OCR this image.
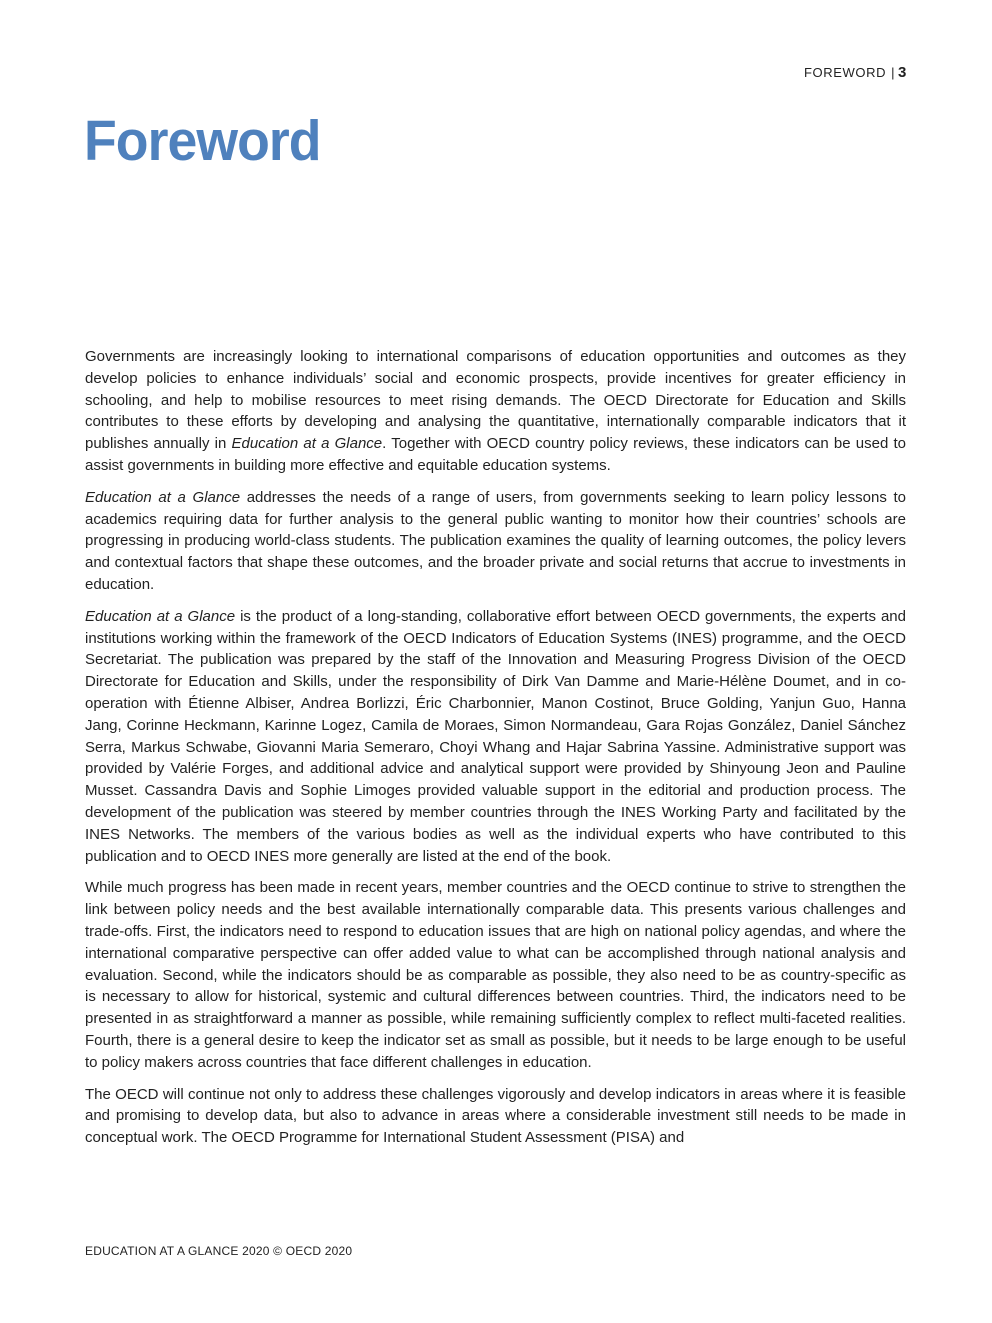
FOREWORD | 3
Foreword

Governments are increasingly looking to international comparisons of education opportunities and outcomes as they develop policies to enhance individuals’ social and economic prospects, provide incentives for greater efficiency in schooling, and help to mobilise resources to meet rising demands. The OECD Directorate for Education and Skills contributes to these efforts by developing and analysing the quantitative, internationally comparable indicators that it publishes annually in Education at a Glance. Together with OECD country policy reviews, these indicators can be used to assist governments in building more effective and equitable education systems.

Education at a Glance addresses the needs of a range of users, from governments seeking to learn policy lessons to academics requiring data for further analysis to the general public wanting to monitor how their countries’ schools are progressing in producing world-class students. The publication examines the quality of learning outcomes, the policy levers and contextual factors that shape these outcomes, and the broader private and social returns that accrue to investments in education.

Education at a Glance is the product of a long-standing, collaborative effort between OECD governments, the experts and institutions working within the framework of the OECD Indicators of Education Systems (INES) programme, and the OECD Secretariat. The publication was prepared by the staff of the Innovation and Measuring Progress Division of the OECD Directorate for Education and Skills, under the responsibility of Dirk Van Damme and Marie-Hélène Doumet, and in co-operation with Étienne Albiser, Andrea Borlizzi, Éric Charbonnier, Manon Costinot, Bruce Golding, Yanjun Guo, Hanna Jang, Corinne Heckmann, Karinne Logez, Camila de Moraes, Simon Normandeau, Gara Rojas González, Daniel Sánchez Serra, Markus Schwabe, Giovanni Maria Semeraro, Choyi Whang and Hajar Sabrina Yassine. Administrative support was provided by Valérie Forges, and additional advice and analytical support were provided by Shinyoung Jeon and Pauline Musset. Cassandra Davis and Sophie Limoges provided valuable support in the editorial and production process. The development of the publication was steered by member countries through the INES Working Party and facilitated by the INES Networks. The members of the various bodies as well as the individual experts who have contributed to this publication and to OECD INES more generally are listed at the end of the book.

While much progress has been made in recent years, member countries and the OECD continue to strive to strengthen the link between policy needs and the best available internationally comparable data. This presents various challenges and trade-offs. First, the indicators need to respond to education issues that are high on national policy agendas, and where the international comparative perspective can offer added value to what can be accomplished through national analysis and evaluation. Second, while the indicators should be as comparable as possible, they also need to be as country-specific as is necessary to allow for historical, systemic and cultural differences between countries. Third, the indicators need to be presented in as straightforward a manner as possible, while remaining sufficiently complex to reflect multi-faceted realities. Fourth, there is a general desire to keep the indicator set as small as possible, but it needs to be large enough to be useful to policy makers across countries that face different challenges in education.

The OECD will continue not only to address these challenges vigorously and develop indicators in areas where it is feasible and promising to develop data, but also to advance in areas where a considerable investment still needs to be made in conceptual work. The OECD Programme for International Student Assessment (PISA) and

EDUCATION AT A GLANCE 2020 © OECD 2020
